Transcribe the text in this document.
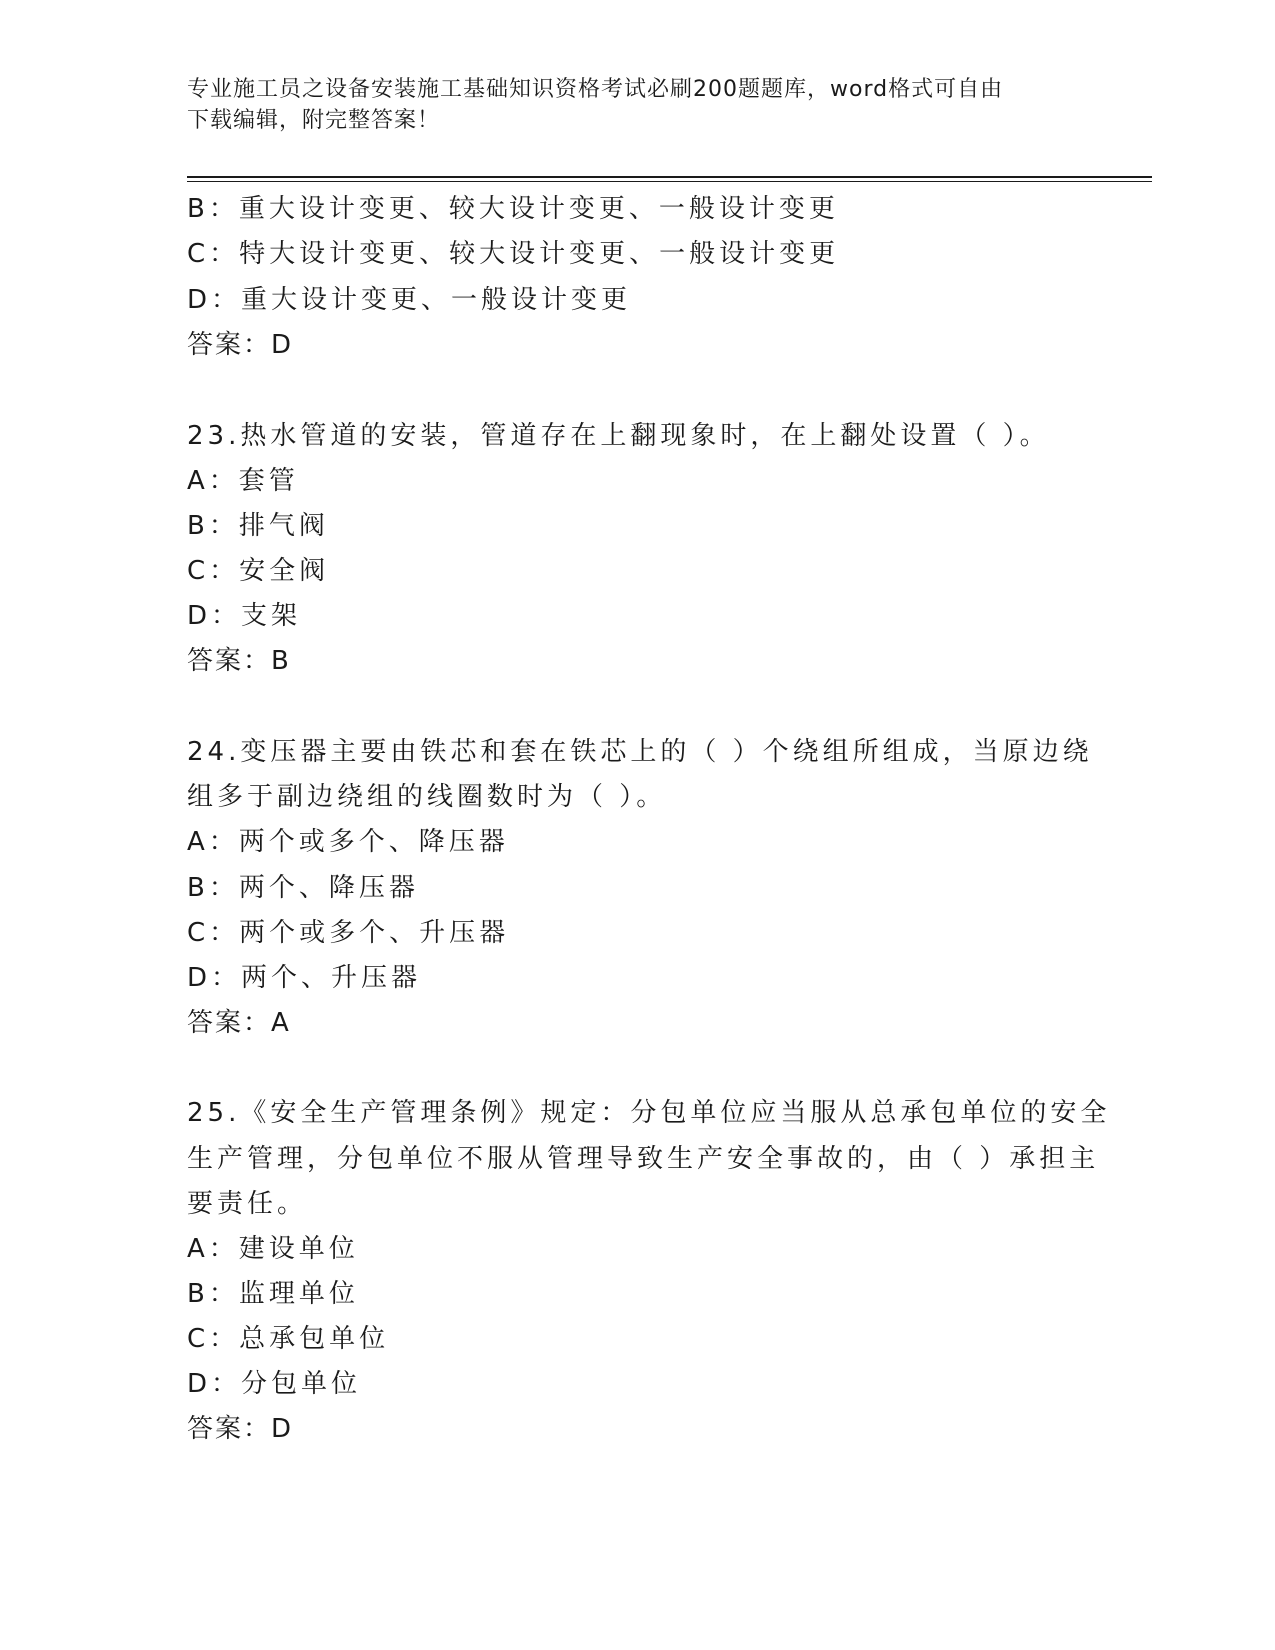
专业施工员之设备安装施工基础知识资格考试必刷200题题库，word格式可自由
下载编辑，附完整答案！
B：重大设计变更、较大设计变更、一般设计变更
C：特大设计变更、较大设计变更、一般设计变更
D：重大设计变更、一般设计变更
答案：D
23.热水管道的安装，管道存在上翻现象时，在上翻处设置（ ）。
A：套管
B：排气阀
C：安全阀
D：支架
答案：B
24.变压器主要由铁芯和套在铁芯上的（ ）个绕组所组成，当原边绕
组多于副边绕组的线圈数时为（ ）。
A：两个或多个、降压器
B：两个、降压器
C：两个或多个、升压器
D：两个、升压器
答案：A
25.《安全生产管理条例》规定：分包单位应当服从总承包单位的安全
生产管理，分包单位不服从管理导致生产安全事故的，由（ ）承担主
要责任。
A：建设单位
B：监理单位
C：总承包单位
D：分包单位
答案：D
